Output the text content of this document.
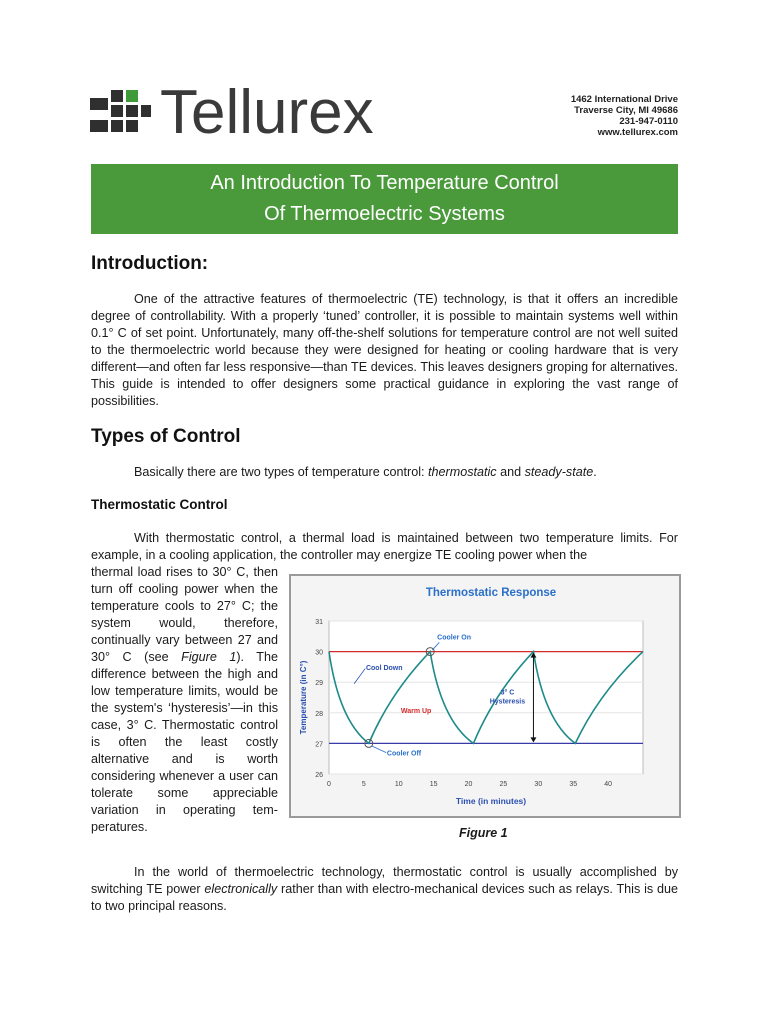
Tellurex	1462 International Drive
Traverse City, MI 49686
231-947-0110
www.tellurex.com
An Introduction To Temperature Control
Of Thermoelectric Systems
Introduction:
One of the attractive features of thermoelectric (TE) technology, is that it offers an incredible degree of controllability. With a properly ‘tuned’ controller, it is possible to maintain systems well within 0.1° C of set point. Unfortunately, many off-the-shelf solutions for temperature control are not well suited to the thermoelectric world because they were designed for heating or cooling hardware that is very different—and often far less responsive—than TE devices. This leaves designers groping for alternatives. This guide is intended to offer designers some practical guidance in exploring the vast range of possibilities.
Types of Control
Basically there are two types of temperature control: thermostatic and steady-state.
Thermostatic Control
With thermostatic control, a thermal load is maintained between two temperature limits. For example, in a cooling application, the controller may energize TE cooling power when the
thermal load rises to 30° C, then turn off cooling power when the temperature cools to 27° C; the system would, therefore, continually vary between 27 and 30° C (see Figure 1). The difference between the high and low temperature limits, would be the system's ‘hysteresis’—in this case, 3° C. Thermostatic control is often the least costly alternative and is worth considering whenever a user can tolerate some appreciable variation in operating tem-peratures.
26
27
28
29
30
31
0	5	10	15	20	25	30	35	40
Thermostatic Response
Time (in minutes)
Temperature (in C°)
Cooler On
Cool Down
Warm Up
Cooler Off
3° C
Hysteresis
Figure 1
In the world of thermoelectric technology, thermostatic control is usually accomplished by switching TE power electronically rather than with electro-mechanical devices such as relays. This is due to two principal reasons.
